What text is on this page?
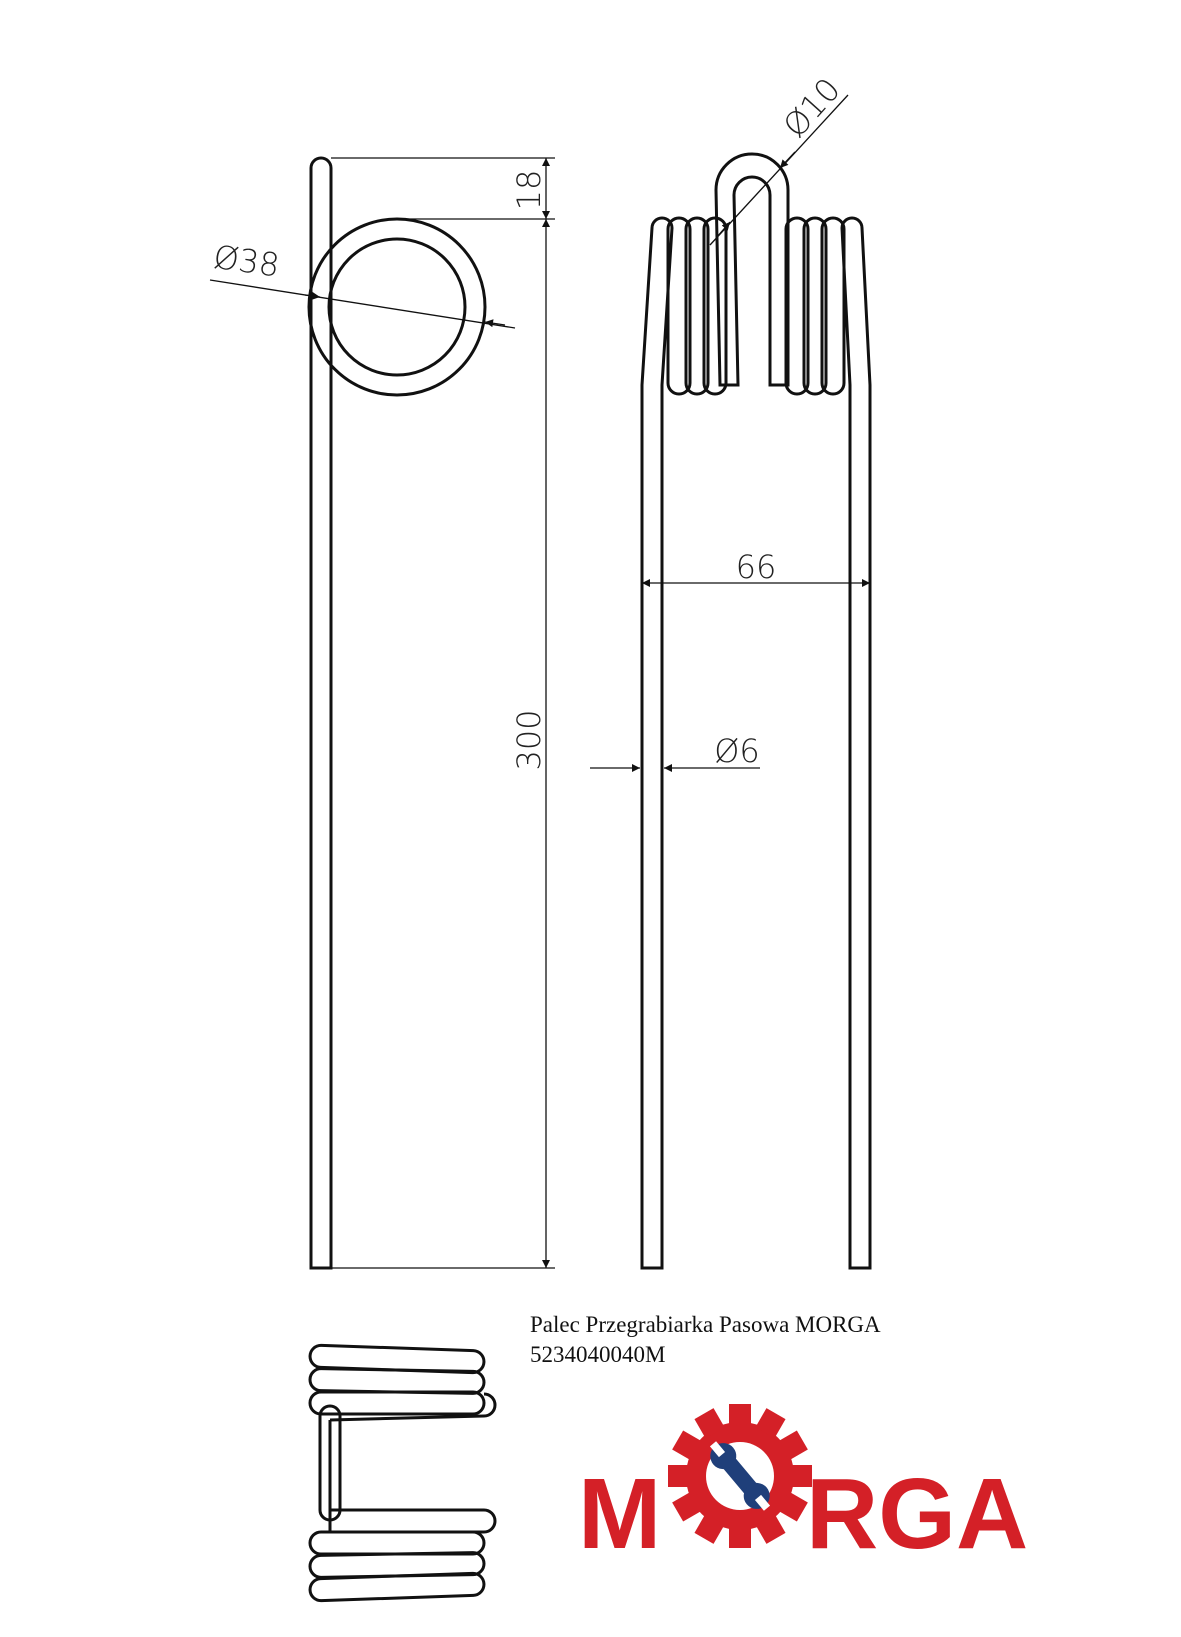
18
300
Ø38
Ø10
66
Ø6
M RGA
Palec Przegrabiarka Pasowa MORGA
5234040040M
